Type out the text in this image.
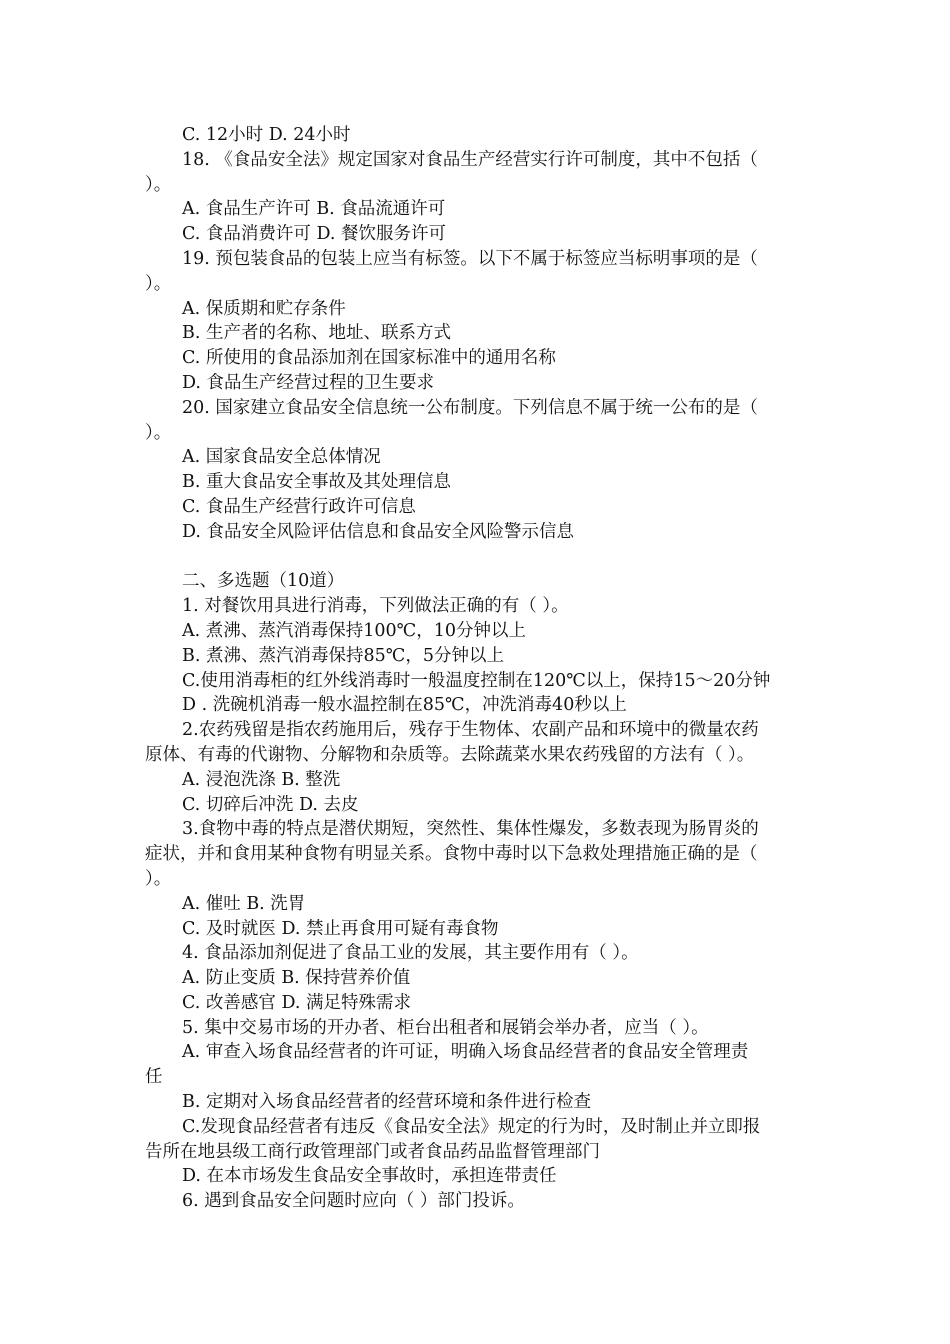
C. 12小时 D. 24小时
18. 《食品安全法》规定国家对食品生产经营实行许可制度，其中不包括（
）。
A. 食品生产许可 B. 食品流通许可
C. 食品消费许可 D. 餐饮服务许可
19. 预包装食品的包装上应当有标签。以下不属于标签应当标明事项的是（
）。
A. 保质期和贮存条件
B. 生产者的名称、地址、联系方式
C. 所使用的食品添加剂在国家标准中的通用名称
D. 食品生产经营过程的卫生要求
20. 国家建立食品安全信息统一公布制度。下列信息不属于统一公布的是（
）。
A. 国家食品安全总体情况
B. 重大食品安全事故及其处理信息
C. 食品生产经营行政许可信息
D. 食品安全风险评估信息和食品安全风险警示信息
二、多选题（10道）
1. 对餐饮用具进行消毒，下列做法正确的有（ ）。
A. 煮沸、蒸汽消毒保持100℃，10分钟以上
B. 煮沸、蒸汽消毒保持85℃，5分钟以上
C.使用消毒柜的红外线消毒时一般温度控制在120℃以上，保持15～20分钟
D . 洗碗机消毒一般水温控制在85℃，冲洗消毒40秒以上
2.农药残留是指农药施用后，残存于生物体、农副产品和环境中的微量农药
原体、有毒的代谢物、分解物和杂质等。去除蔬菜水果农药残留的方法有（ ）。
A. 浸泡洗涤 B. 整洗
C. 切碎后冲洗 D. 去皮
3.食物中毒的特点是潜伏期短，突然性、集体性爆发，多数表现为肠胃炎的
症状，并和食用某种食物有明显关系。食物中毒时以下急救处理措施正确的是（
）。
A. 催吐 B. 洗胃
C. 及时就医 D. 禁止再食用可疑有毒食物
4. 食品添加剂促进了食品工业的发展，其主要作用有（ ）。
A. 防止变质 B. 保持营养价值
C. 改善感官 D. 满足特殊需求
5. 集中交易市场的开办者、柜台出租者和展销会举办者，应当（ ）。
A. 审查入场食品经营者的许可证，明确入场食品经营者的食品安全管理责
任
B. 定期对入场食品经营者的经营环境和条件进行检查
C.发现食品经营者有违反《食品安全法》规定的行为时，及时制止并立即报
告所在地县级工商行政管理部门或者食品药品监督管理部门
D. 在本市场发生食品安全事故时，承担连带责任
6. 遇到食品安全问题时应向（ ）部门投诉。
